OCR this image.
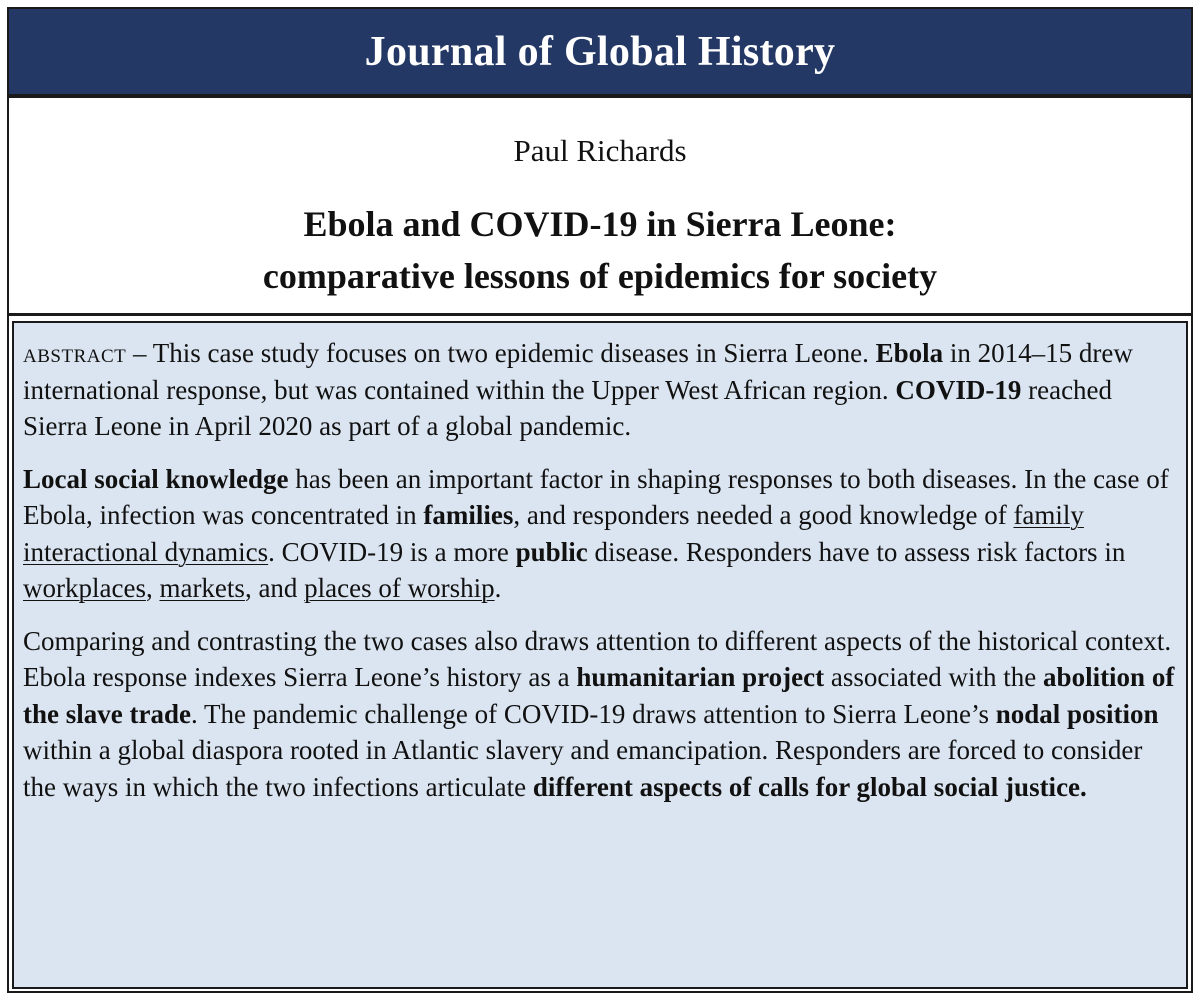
Journal of Global History
Paul Richards
Ebola and COVID-19 in Sierra Leone:
comparative lessons of epidemics for society

abstract – This case study focuses on two epidemic diseases in Sierra Leone. Ebola in 2014–15 drew international response, but was contained within the Upper West African region. COVID-19 reached Sierra Leone in April 2020 as part of a global pandemic.

Local social knowledge has been an important factor in shaping responses to both diseases. In the case of Ebola, infection was concentrated in families, and responders needed a good knowledge of family interactional dynamics. COVID-19 is a more public disease. Responders have to assess risk factors in workplaces, markets, and places of worship.

Comparing and contrasting the two cases also draws attention to different aspects of the historical context. Ebola response indexes Sierra Leone’s history as a humanitarian project associated with the abolition of the slave trade. The pandemic challenge of COVID-19 draws attention to Sierra Leone’s nodal position within a global diaspora rooted in Atlantic slavery and emancipation. Responders are forced to consider the ways in which the two infections articulate different aspects of calls for global social justice.
